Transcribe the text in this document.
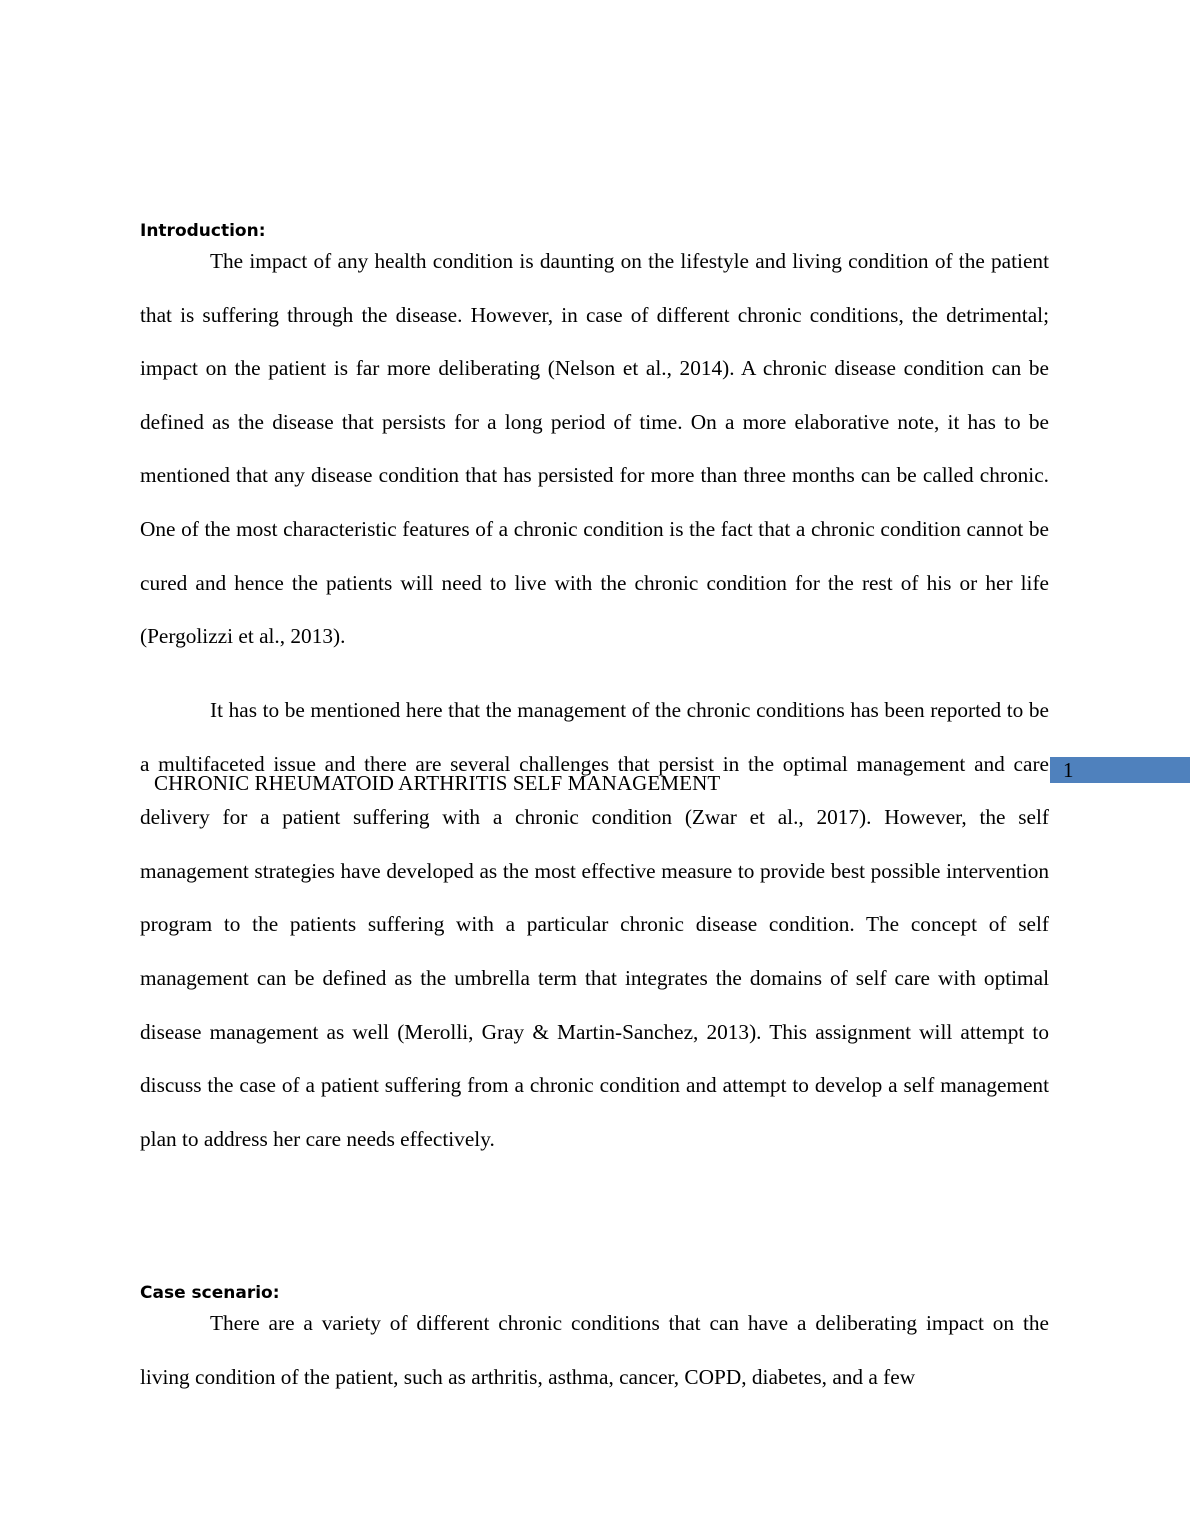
Introduction:

The impact of any health condition is daunting on the lifestyle and living condition of the patient that is suffering through the disease. However, in case of different chronic conditions, the detrimental; impact on the patient is far more deliberating (Nelson et al., 2014). A chronic disease condition can be defined as the disease that persists for a long period of time. On a more elaborative note, it has to be mentioned that any disease condition that has persisted for more than three months can be called chronic. One of the most characteristic features of a chronic condition is the fact that a chronic condition cannot be cured and hence the patients will need to live with the chronic condition for the rest of his or her life (Pergolizzi et al., 2013).

It has to be mentioned here that the management of the chronic conditions has been reported to be a multifaceted issue and there are several challenges that persist in the optimal management and care delivery for a patient suffering with a chronic condition (Zwar et al., 2017). However, the self management strategies have developed as the most effective measure to provide best possible intervention program to the patients suffering with a particular chronic disease condition. The concept of self management can be defined as the umbrella term that integrates the domains of self care with optimal disease management as well (Merolli, Gray & Martin-Sanchez, 2013). This assignment will attempt to discuss the case of a patient suffering from a chronic condition and attempt to develop a self management plan to address her care needs effectively.

Case scenario:

There are a variety of different chronic conditions that can have a deliberating impact on the living condition of the patient, such as arthritis, asthma, cancer, COPD, diabetes, and a few

CHRONIC RHEUMATOID ARTHRITIS SELF MANAGEMENT
1
